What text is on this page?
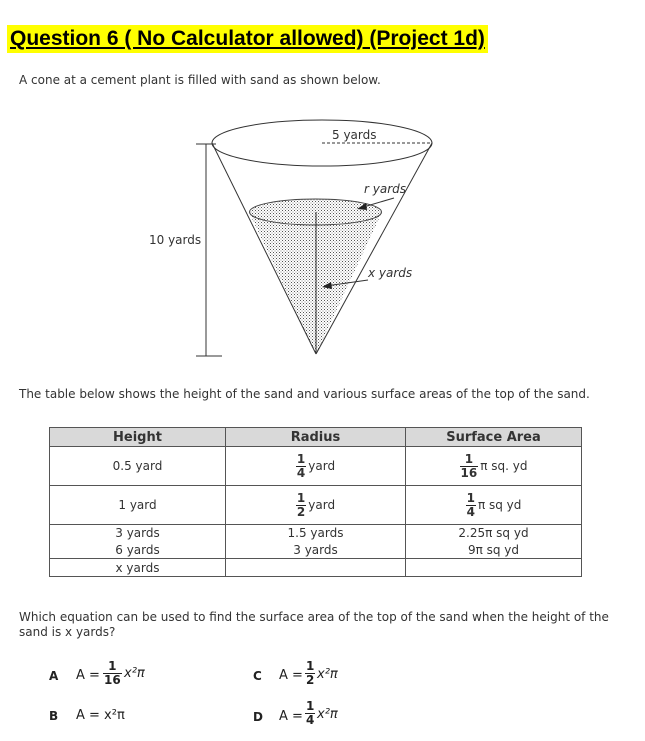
Question 6 ( No Calculator allowed) (Project 1d)
A cone at a cement plant is filled with sand as shown below.
5 yards
r yards
x yards
10 yards
The table below shows the height of the sand and various surface areas of the top of the sand.
Height	Radius	Surface Area
0.5 yard	$\frac{1}{4}$ yard	$\frac{1}{16}$ π sq. yd
1 yard	$\frac{1}{2}$ yard	$\frac{1}{4}$ π sq yd
3 yards	1.5 yards	2.25π sq yd
6 yards	3 yards	9π sq yd
x yards		
Which equation can be used to find the surface area of the top of the sand when the height of the
sand is x yards?
A $A = \frac{1}{16} x^2\pi$
B A = x²π
C $A = \frac{1}{2} x^2\pi$
D $A = \frac{1}{4} x^2\pi$
